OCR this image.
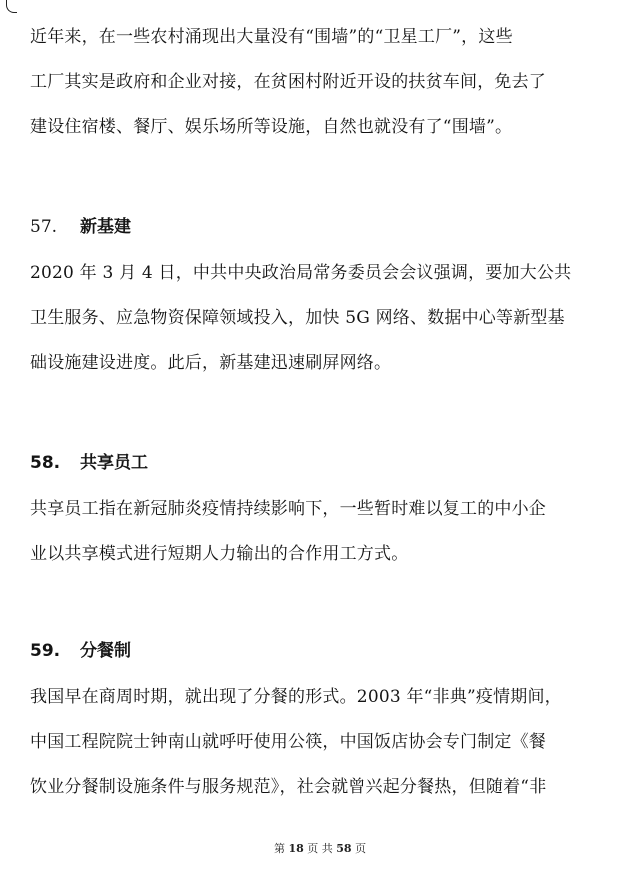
近年来，在一些农村涌现出大量没有“围墙”的“卫星工厂”，这些
工厂其实是政府和企业对接，在贫困村附近开设的扶贫车间，免去了
建设住宿楼、餐厅、娱乐场所等设施，自然也就没有了“围墙”。
57. 新基建
2020 年 3 月 4 日，中共中央政治局常务委员会会议强调，要加大公共
卫生服务、应急物资保障领域投入，加快 5G 网络、数据中心等新型基
础设施建设进度。此后，新基建迅速刷屏网络。
58. 共享员工
共享员工指在新冠肺炎疫情持续影响下，一些暂时难以复工的中小企
业以共享模式进行短期人力输出的合作用工方式。
59. 分餐制
我国早在商周时期，就出现了分餐的形式。2003 年“非典”疫情期间，
中国工程院院士钟南山就呼吁使用公筷，中国饭店协会专门制定《餐
饮业分餐制设施条件与服务规范》，社会就曾兴起分餐热，但随着“非
第 18 页 共 58 页
